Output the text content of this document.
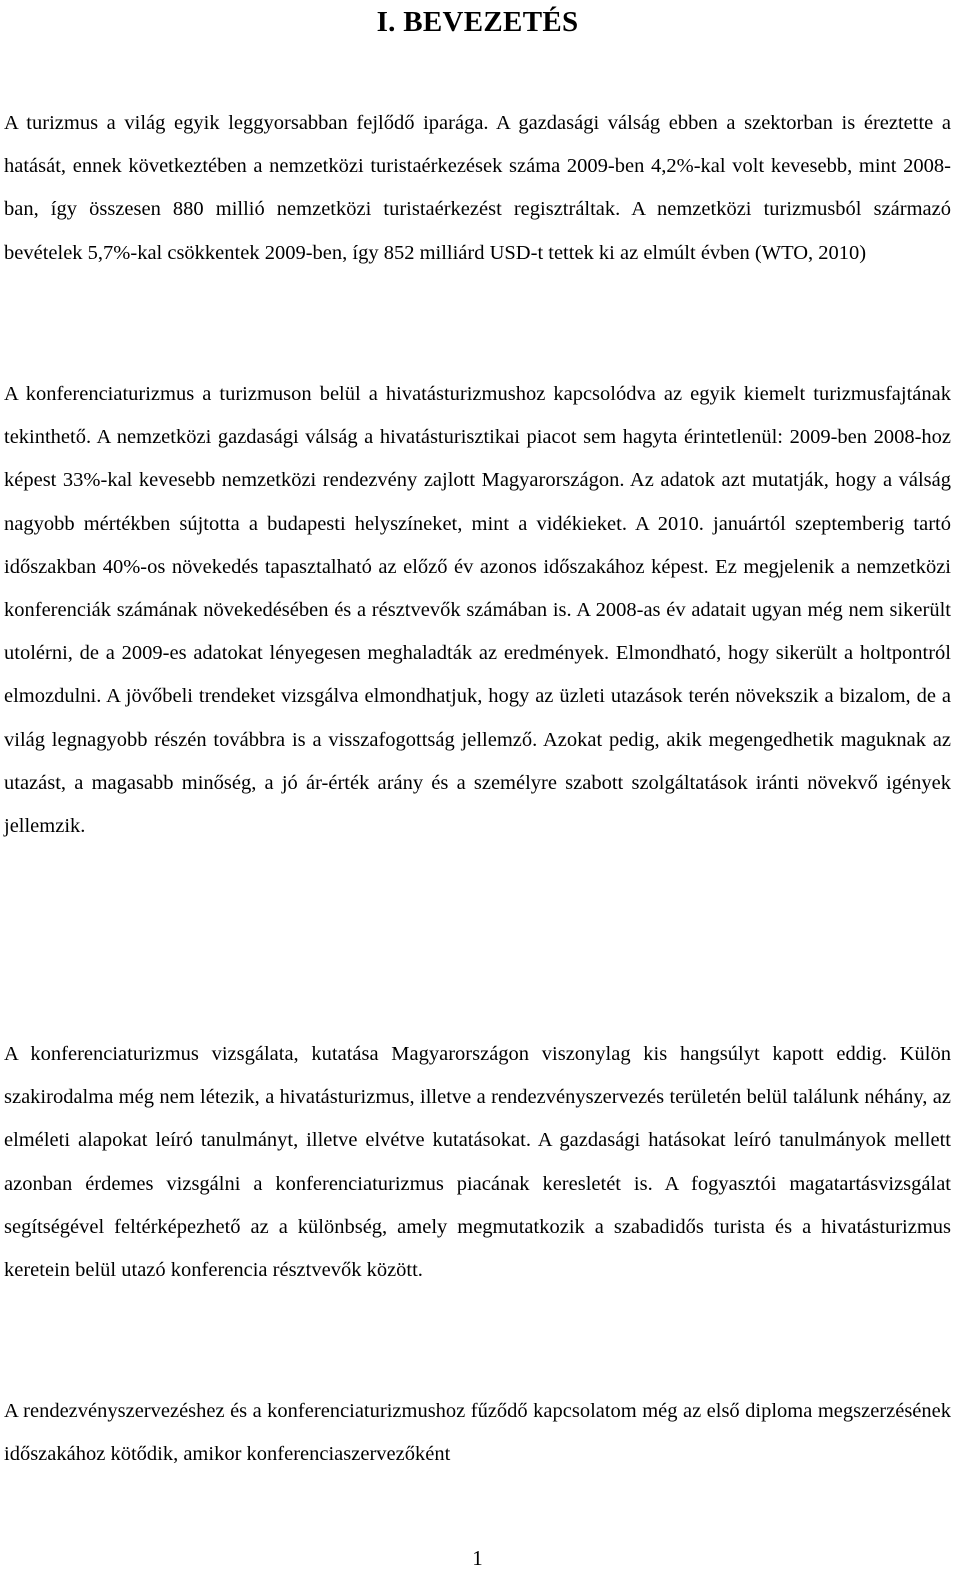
I. BEVEZETÉS

A turizmus a világ egyik leggyorsabban fejlődő iparága. A gazdasági válság ebben a szektorban is éreztette a hatását, ennek következtében a nemzetközi turistaérkezések száma 2009-ben 4,2%-kal volt kevesebb, mint 2008-ban, így összesen 880 millió nemzetközi turistaérkezést regisztráltak. A nemzetközi turizmusból származó bevételek 5,7%-kal csökkentek 2009-ben, így 852 milliárd USD-t tettek ki az elmúlt évben (WTO, 2010)

A konferenciaturizmus a turizmuson belül a hivatásturizmushoz kapcsolódva az egyik kiemelt turizmusfajtának tekinthető. A nemzetközi gazdasági válság a hivatásturisztikai piacot sem hagyta érintetlenül: 2009-ben 2008-hoz képest 33%-kal kevesebb nemzetközi rendezvény zajlott Magyarországon. Az adatok azt mutatják, hogy a válság nagyobb mértékben sújtotta a budapesti helyszíneket, mint a vidékieket. A 2010. januártól szeptemberig tartó időszakban 40%-os növekedés tapasztalható az előző év azonos időszakához képest. Ez megjelenik a nemzetközi konferenciák számának növekedésében és a résztvevők számában is. A 2008-as év adatait ugyan még nem sikerült utolérni, de a 2009-es adatokat lényegesen meghaladták az eredmények. Elmondható, hogy sikerült a holtpontról elmozdulni. A jövőbeli trendeket vizsgálva elmondhatjuk, hogy az üzleti utazások terén növekszik a bizalom, de a világ legnagyobb részén továbbra is a visszafogottság jellemző. Azokat pedig, akik megengedhetik maguknak az utazást, a magasabb minőség, a jó ár-érték arány és a személyre szabott szolgáltatások iránti növekvő igények jellemzik.

A konferenciaturizmus vizsgálata, kutatása Magyarországon viszonylag kis hangsúlyt kapott eddig. Külön szakirodalma még nem létezik, a hivatásturizmus, illetve a rendezvényszervezés területén belül találunk néhány, az elméleti alapokat leíró tanulmányt, illetve elvétve kutatásokat. A gazdasági hatásokat leíró tanulmányok mellett azonban érdemes vizsgálni a konferenciaturizmus piacának keresletét is. A fogyasztói magatartásvizsgálat segítségével feltérképezhető az a különbség, amely megmutatkozik a szabadidős turista és a hivatásturizmus keretein belül utazó konferencia résztvevők között.

A rendezvényszervezéshez és a konferenciaturizmushoz fűződő kapcsolatom még az első diploma megszerzésének időszakához kötődik, amikor konferenciaszervezőként

1
